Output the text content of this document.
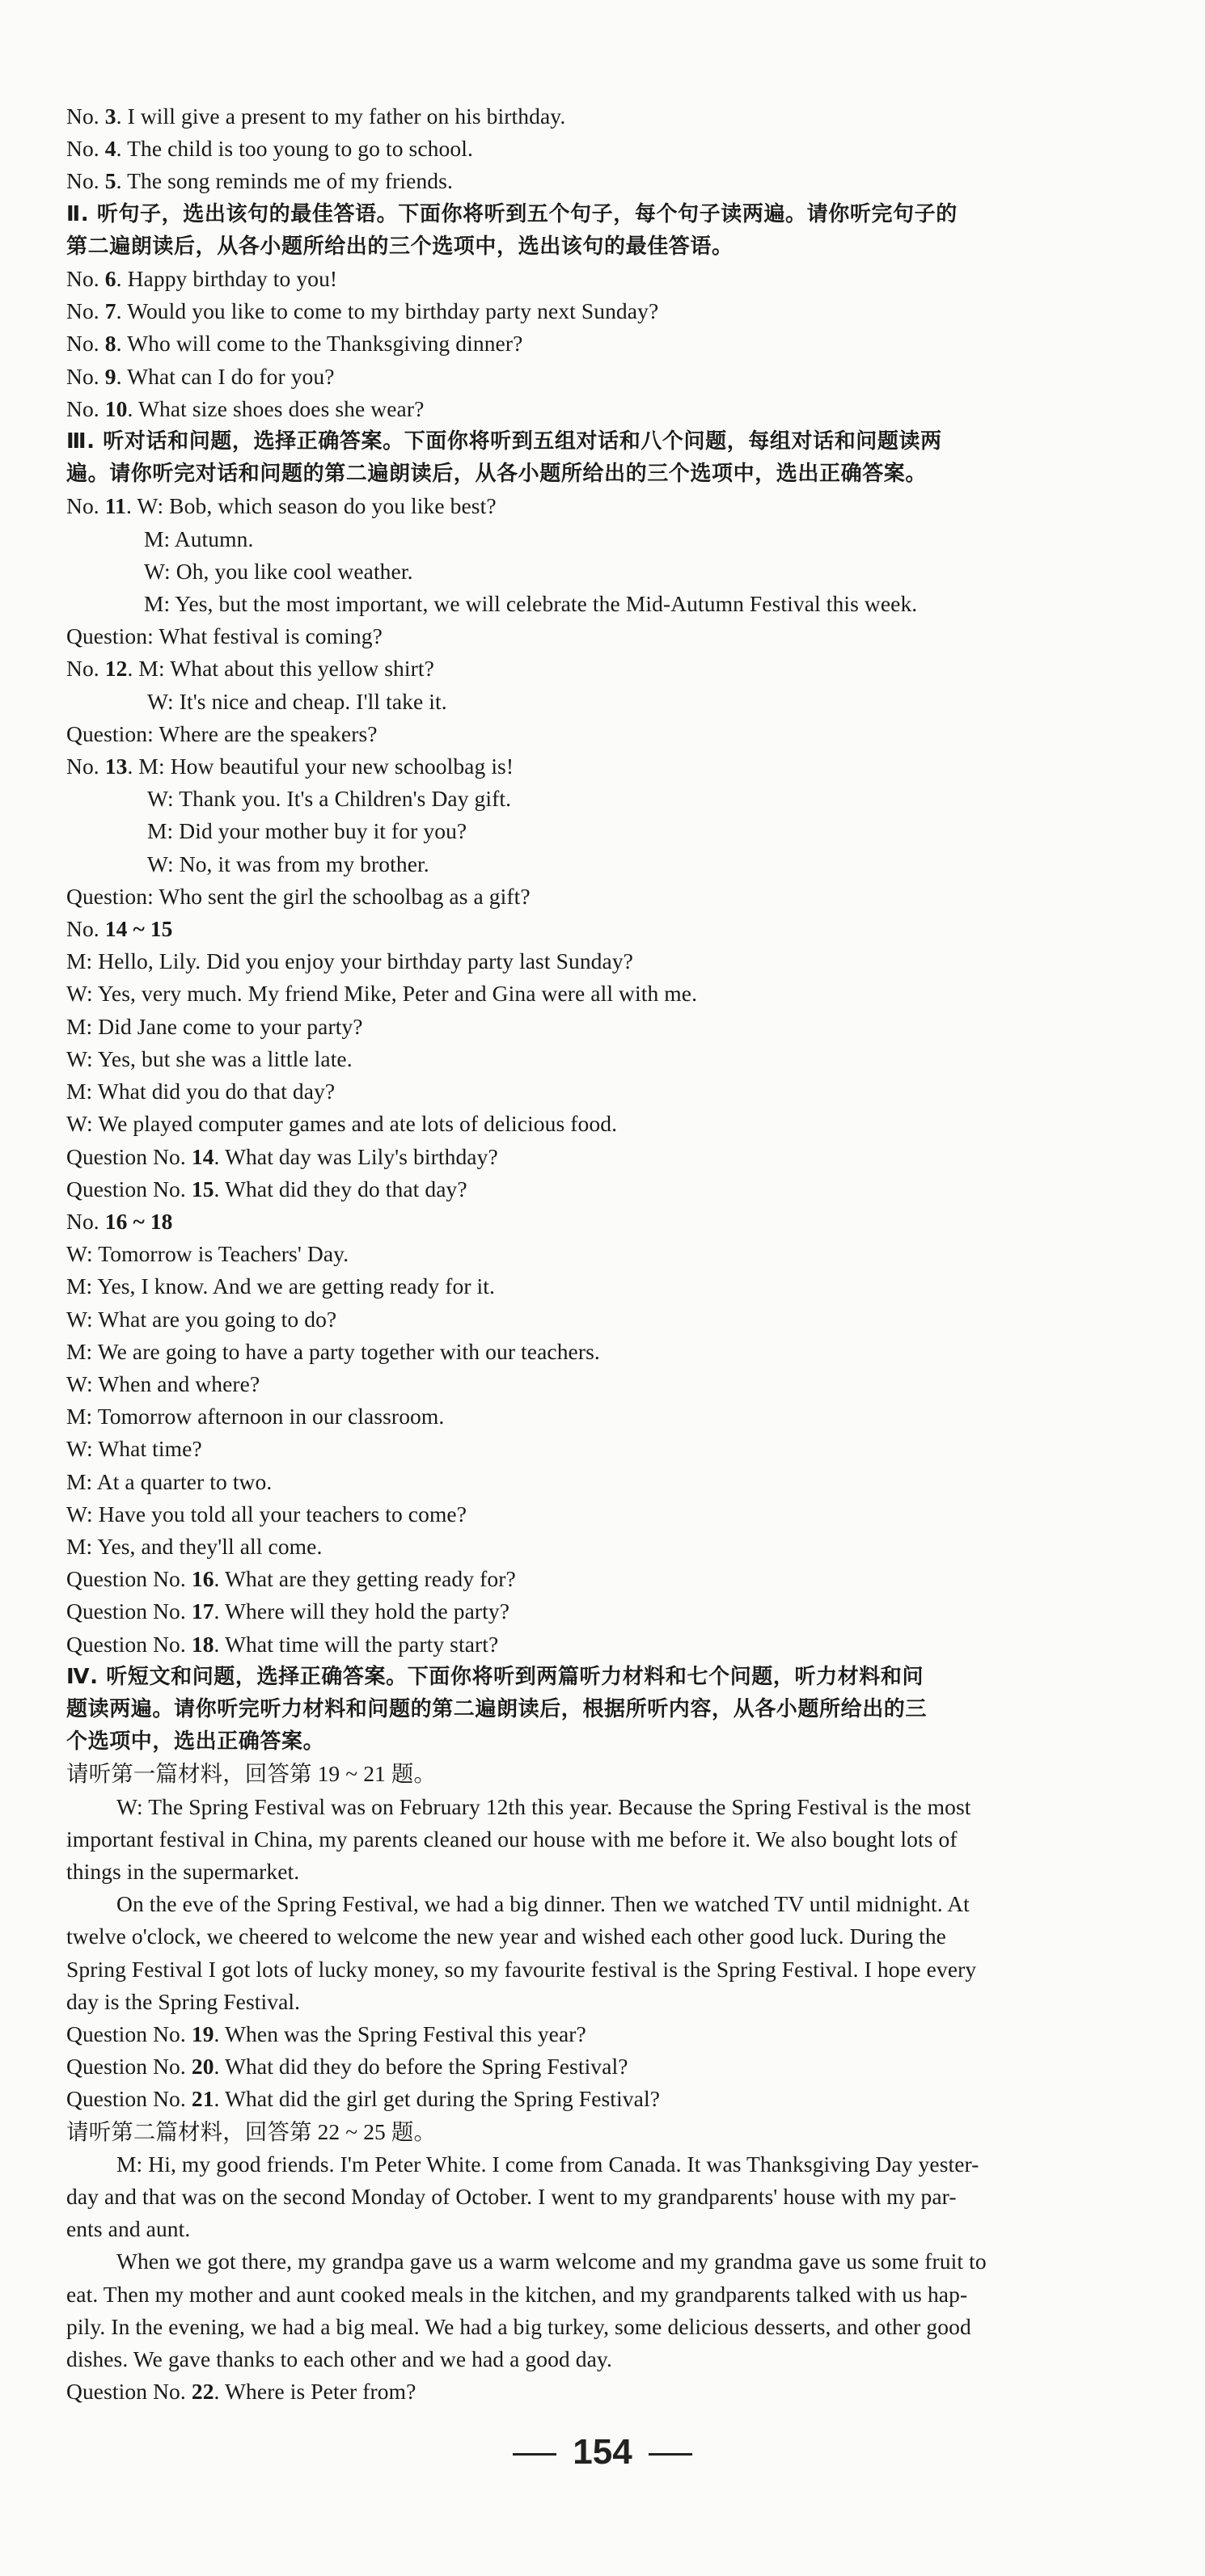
No. 3. I will give a present to my father on his birthday.
No. 4. The child is too young to go to school.
No. 5. The song reminds me of my friends.
Ⅱ. 听句子，选出该句的最佳答语。下面你将听到五个句子，每个句子读两遍。请你听完句子的
第二遍朗读后，从各小题所给出的三个选项中，选出该句的最佳答语。
No. 6. Happy birthday to you!
No. 7. Would you like to come to my birthday party next Sunday?
No. 8. Who will come to the Thanksgiving dinner?
No. 9. What can I do for you?
No. 10. What size shoes does she wear?
Ⅲ. 听对话和问题，选择正确答案。下面你将听到五组对话和八个问题，每组对话和问题读两
遍。请你听完对话和问题的第二遍朗读后，从各小题所给出的三个选项中，选出正确答案。
No. 11. W: Bob, which season do you like best?
M: Autumn.
W: Oh, you like cool weather.
M: Yes, but the most important, we will celebrate the Mid-Autumn Festival this week.
Question: What festival is coming?
No. 12. M: What about this yellow shirt?
W: It's nice and cheap. I'll take it.
Question: Where are the speakers?
No. 13. M: How beautiful your new schoolbag is!
W: Thank you. It's a Children's Day gift.
M: Did your mother buy it for you?
W: No, it was from my brother.
Question: Who sent the girl the schoolbag as a gift?
No. 14 ~ 15
M: Hello, Lily. Did you enjoy your birthday party last Sunday?
W: Yes, very much. My friend Mike, Peter and Gina were all with me.
M: Did Jane come to your party?
W: Yes, but she was a little late.
M: What did you do that day?
W: We played computer games and ate lots of delicious food.
Question No. 14. What day was Lily's birthday?
Question No. 15. What did they do that day?
No. 16 ~ 18
W: Tomorrow is Teachers' Day.
M: Yes, I know. And we are getting ready for it.
W: What are you going to do?
M: We are going to have a party together with our teachers.
W: When and where?
M: Tomorrow afternoon in our classroom.
W: What time?
M: At a quarter to two.
W: Have you told all your teachers to come?
M: Yes, and they'll all come.
Question No. 16. What are they getting ready for?
Question No. 17. Where will they hold the party?
Question No. 18. What time will the party start?
Ⅳ. 听短文和问题，选择正确答案。下面你将听到两篇听力材料和七个问题，听力材料和问
题读两遍。请你听完听力材料和问题的第二遍朗读后，根据所听内容，从各小题所给出的三
个选项中，选出正确答案。
请听第一篇材料，回答第 19 ~ 21 题。
W: The Spring Festival was on February 12th this year. Because the Spring Festival is the most
important festival in China, my parents cleaned our house with me before it. We also bought lots of
things in the supermarket.
On the eve of the Spring Festival, we had a big dinner. Then we watched TV until midnight. At
twelve o'clock, we cheered to welcome the new year and wished each other good luck. During the
Spring Festival I got lots of lucky money, so my favourite festival is the Spring Festival. I hope every
day is the Spring Festival.
Question No. 19. When was the Spring Festival this year?
Question No. 20. What did they do before the Spring Festival?
Question No. 21. What did the girl get during the Spring Festival?
请听第二篇材料，回答第 22 ~ 25 题。
M: Hi, my good friends. I'm Peter White. I come from Canada. It was Thanksgiving Day yester-
day and that was on the second Monday of October. I went to my grandparents' house with my par-
ents and aunt.
When we got there, my grandpa gave us a warm welcome and my grandma gave us some fruit to
eat. Then my mother and aunt cooked meals in the kitchen, and my grandparents talked with us hap-
pily. In the evening, we had a big meal. We had a big turkey, some delicious desserts, and other good
dishes. We gave thanks to each other and we had a good day.
Question No. 22. Where is Peter from?
154
